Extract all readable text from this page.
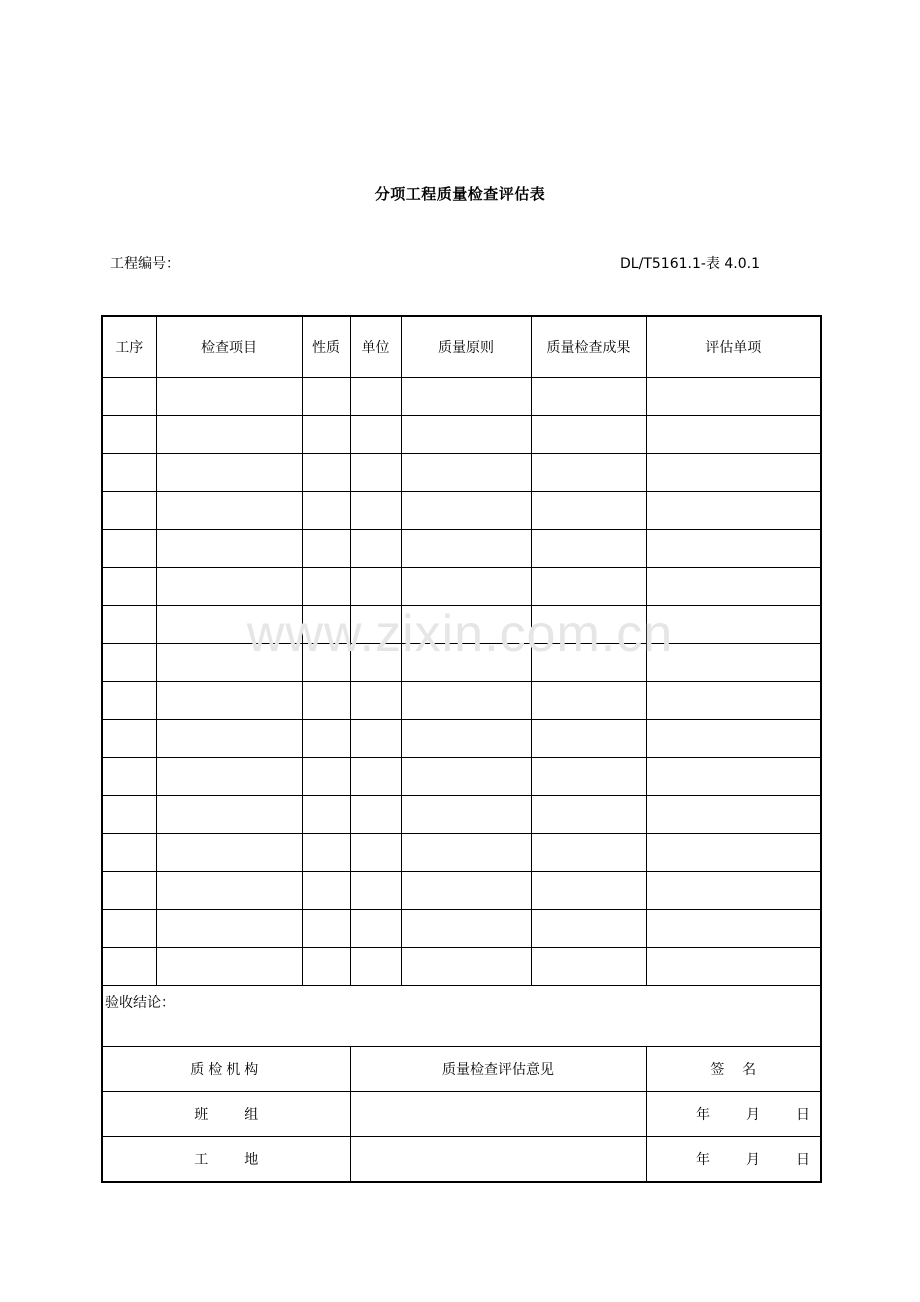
分项工程质量检查评估表
工程编号：	DL/T5161.1-表 4.0.1
工序	检查项目	性质	单位	质量原则	质量检查成果	评估单项

验收结论：						
质检机构			质量检查评估意见			签    名
班 组						年 月 日

工 地						年 月 日
www.zixin.com.cn
